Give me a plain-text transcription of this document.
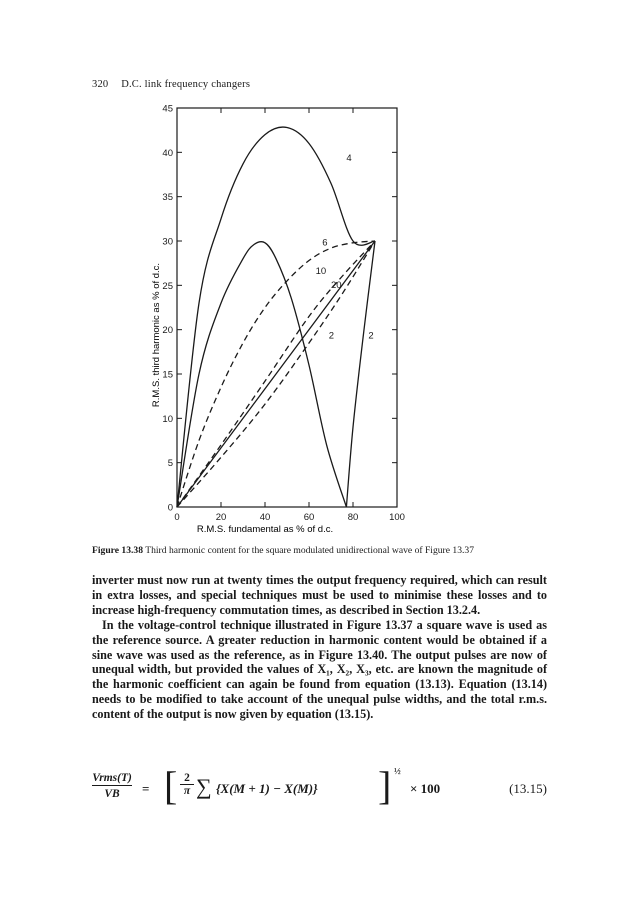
320 D.C. link frequency changers
0	20	40	60	80	100
0
5
10
15
20
25
30
35
40
45
4
2	2
6
10
20
R.M.S. third harmonic as % of d.c.
R.M.S. fundamental as % of d.c.
Figure 13.38 Third harmonic content for the square modulated unidirectional wave of Figure 13.37

inverter must now run at twenty times the output frequency required, which can result in extra losses, and special techniques must be used to minimise these losses and to increase high-frequency commutation times, as described in Section 13.2.4.

In the voltage-control technique illustrated in Figure 13.37 a square wave is used as the reference source. A greater reduction in harmonic content would be obtained if a sine wave was used as the reference, as in Figure 13.40. The output pulses are now of unequal width, but provided the values of X₁, X₂, X₃, etc. are known the magnitude of the harmonic coefficient can again be found from equation (13.13). Equation (13.14) needs to be modified to take account of the unequal pulse widths, and the total r.m.s. content of the output is now given by equation (13.15).

Vrms(T)
VB	= [ $\frac{2}{\pi}$ ∑ {X(M + 1) − X(M)} ] ½
× 100	(13.15)
